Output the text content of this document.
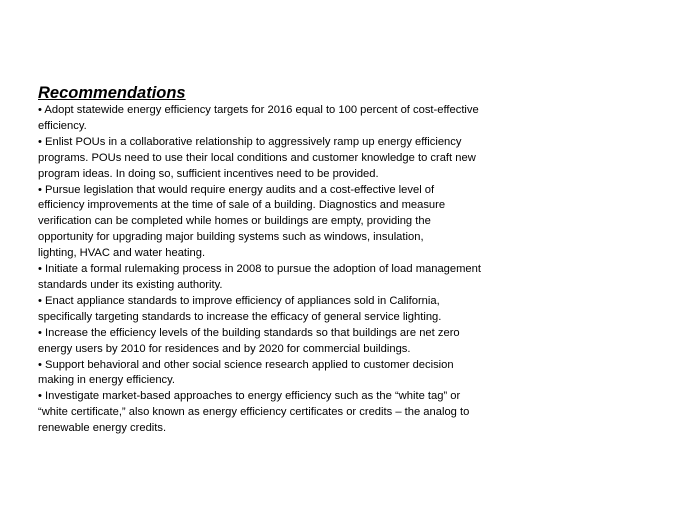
Recommendations
• Adopt statewide energy efficiency targets for 2016 equal to 100 percent of cost-effective
efficiency.
• Enlist POUs in a collaborative relationship to aggressively ramp up energy efficiency
programs. POUs need to use their local conditions and customer knowledge to craft new
program ideas. In doing so, sufficient incentives need to be provided.
• Pursue legislation that would require energy audits and a cost-effective level of
efficiency improvements at the time of sale of a building. Diagnostics and measure
verification can be completed while homes or buildings are empty, providing the
opportunity for upgrading major building systems such as windows, insulation,
lighting, HVAC and water heating.
• Initiate a formal rulemaking process in 2008 to pursue the adoption of load management
standards under its existing authority.
• Enact appliance standards to improve efficiency of appliances sold in California,
specifically targeting standards to increase the efficacy of general service lighting.
• Increase the efficiency levels of the building standards so that buildings are net zero
energy users by 2010 for residences and by 2020 for commercial buildings.
• Support behavioral and other social science research applied to customer decision
making in energy efficiency.
• Investigate market-based approaches to energy efficiency such as the “white tag” or
“white certificate,” also known as energy efficiency certificates or credits – the analog to
renewable energy credits.
